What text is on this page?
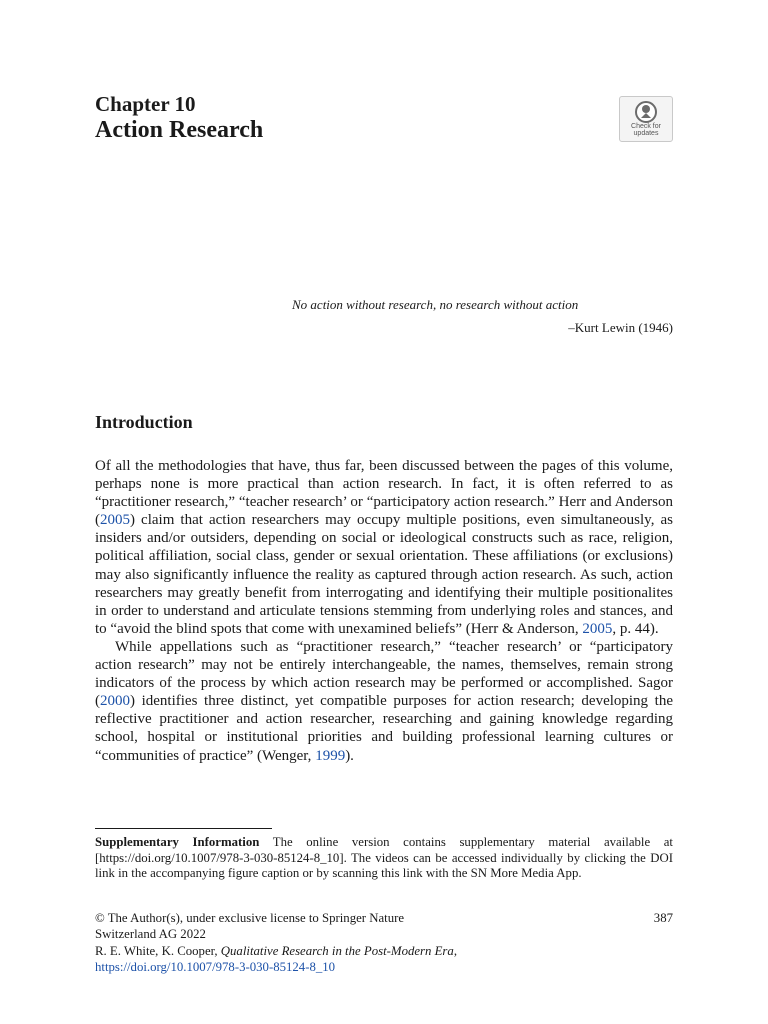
Chapter 10
Action Research	Check for
updates
No action without research, no research without action
–Kurt Lewin (1946)
Introduction

Of all the methodologies that have, thus far, been discussed between the pages of this volume, perhaps none is more practical than action research. In fact, it is often referred to as “practitioner research,” “teacher research’ or “participatory action research.” Herr and Anderson (2005) claim that action researchers may occupy multiple positions, even simultaneously, as insiders and/or outsiders, depending on social or ideological constructs such as race, religion, political affiliation, social class, gender or sexual orientation. These affiliations (or exclusions) may also significantly influence the reality as captured through action research. As such, action researchers may greatly benefit from interrogating and identifying their multiple positionalites in order to understand and articulate tensions stemming from underlying roles and stances, and to “avoid the blind spots that come with unexamined beliefs” (Herr & Anderson, 2005, p. 44).

While appellations such as “practitioner research,” “teacher research’ or “participatory action research” may not be entirely interchangeable, the names, themselves, remain strong indicators of the process by which action research may be performed or accomplished. Sagor (2000) identifies three distinct, yet compatible purposes for action research; developing the reflective practitioner and action researcher, researching and gaining knowledge regarding school, hospital or institutional priorities and building professional learning cultures or “communities of practice” (Wenger, 1999).

Supplementary Information The online version contains supplementary material available at [https://doi.org/10.1007/978-3-030-85124-8_10]. The videos can be accessed individually by clicking the DOI link in the accompanying figure caption or by scanning this link with the SN More Media App.
© The Author(s), under exclusive license to Springer Nature
Switzerland AG 2022
R. E. White, K. Cooper, Qualitative Research in the Post-Modern Era,
https://doi.org/10.1007/978-3-030-85124-8_10
387
